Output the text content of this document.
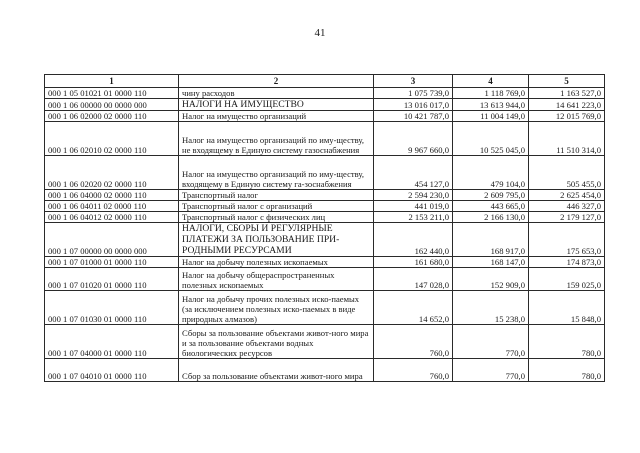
41
1	2	3	4	5
000 1 05 01021 01 0000 110	чину расходов	1 075 739,0	1 118 769,0	1 163 527,0
000 1 06 00000 00 0000 000	НАЛОГИ НА ИМУЩЕСТВО	13 016 017,0	13 613 944,0	14 641 223,0
000 1 06 02000 02 0000 110	Налог на имущество организаций	10 421 787,0	11 004 149,0	12 015 769,0
000 1 06 02010 02 0000 110	Налог на имущество организаций по иму-ществу, не входящему в Единую систему газоснабжения	9 967 660,0	10 525 045,0	11 510 314,0
000 1 06 02020 02 0000 110	Налог на имущество организаций по иму-ществу, входящему в Единую систему га-зоснабжения	454 127,0	479 104,0	505 455,0
000 1 06 04000 02 0000 110	Транспортный налог	2 594 230,0	2 609 795,0	2 625 454,0
000 1 06 04011 02 0000 110	Транспортный налог с организаций	441 019,0	443 665,0	446 327,0
000 1 06 04012 02 0000 110	Транспортный налог с физических лиц	2 153 211,0	2 166 130,0	2 179 127,0
000 1 07 00000 00 0000 000	НАЛОГИ, СБОРЫ И РЕГУЛЯРНЫЕ ПЛАТЕЖИ ЗА ПОЛЬЗОВАНИЕ ПРИ-РОДНЫМИ РЕСУРСАМИ	162 440,0	168 917,0	175 653,0
000 1 07 01000 01 0000 110	Налог на добычу полезных ископаемых	161 680,0	168 147,0	174 873,0
000 1 07 01020 01 0000 110	Налог на добычу общераспространенных полезных ископаемых	147 028,0	152 909,0	159 025,0
000 1 07 01030 01 0000 110	Налог на добычу прочих полезных иско-паемых (за исключением полезных иско-паемых в виде природных алмазов)	14 652,0	15 238,0	15 848,0
000 1 07 04000 01 0000 110	Сборы за пользование объектами живот-ного мира и за пользование объектами водных биологических ресурсов	760,0	770,0	780,0
000 1 07 04010 01 0000 110	Сбор за пользование объектами живот-ного мира	760,0	770,0	780,0
